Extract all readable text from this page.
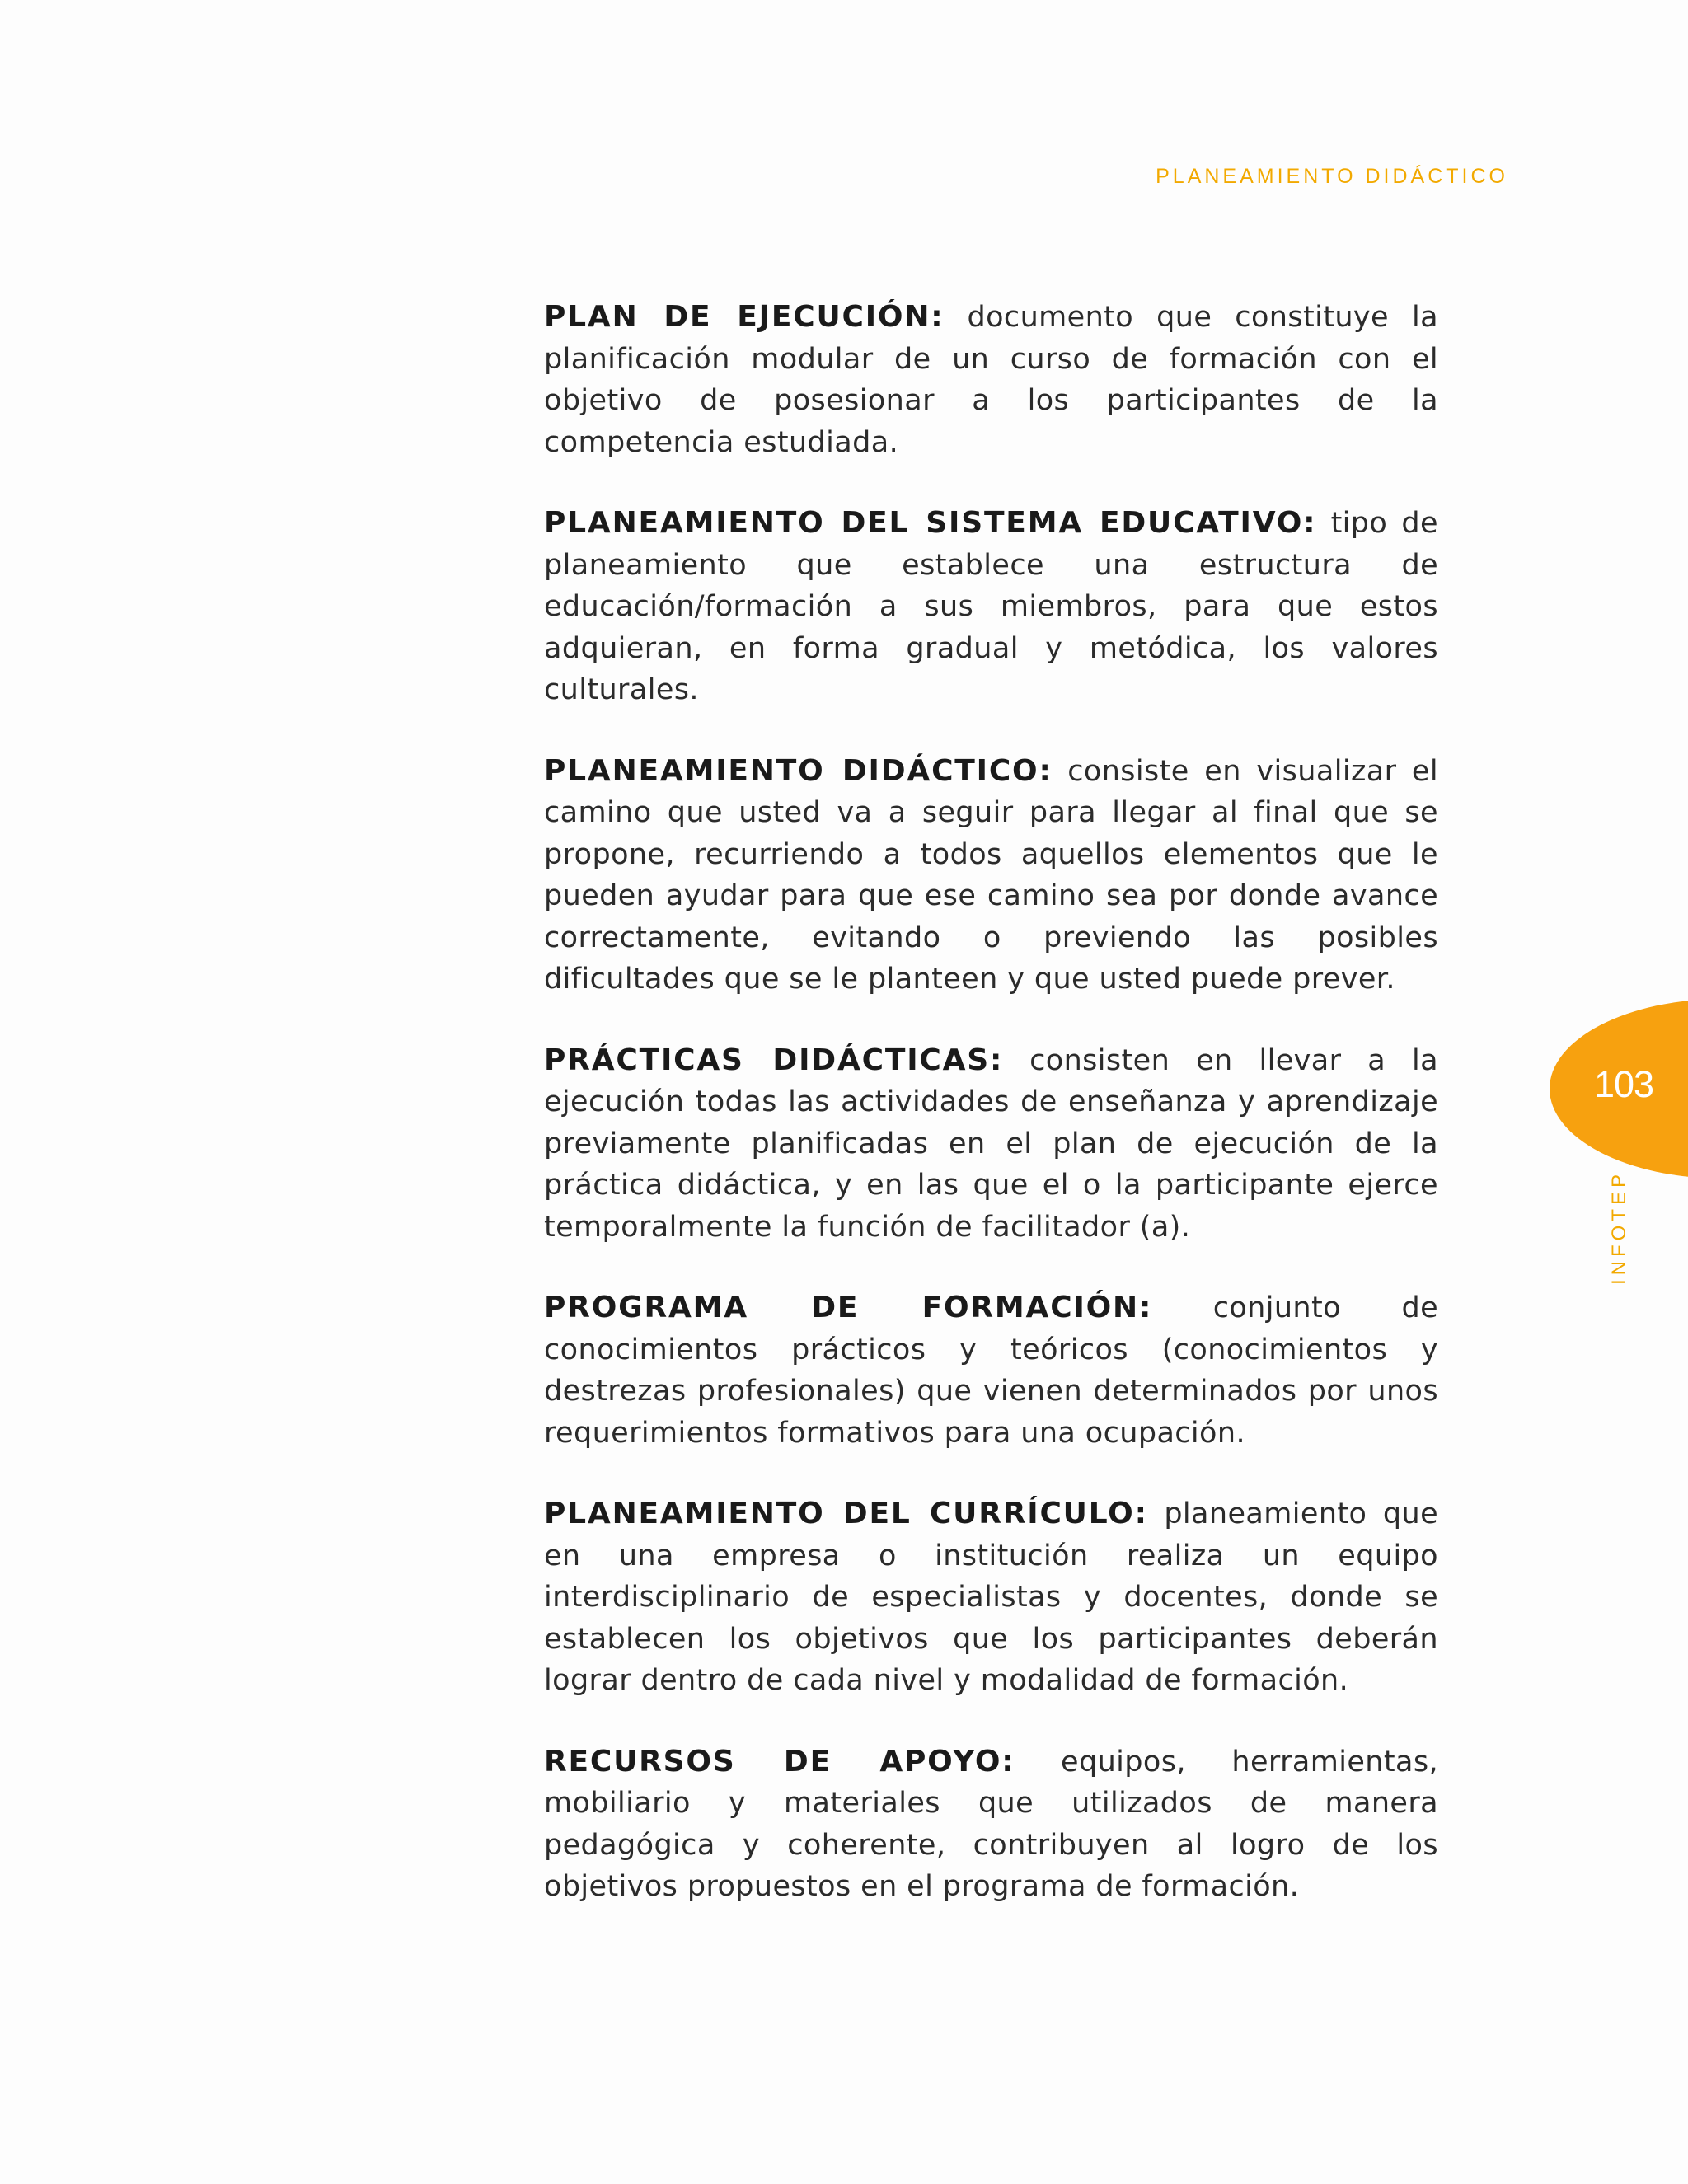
PLANEAMIENTO DIDÁCTICO

PLAN DE EJECUCIÓN: documento que constituye la planificación modular de un curso de formación con el objetivo de posesionar a los participantes de la competencia estudiada.

PLANEAMIENTO DEL SISTEMA EDUCATIVO: tipo de planeamiento que establece una estructura de educación/formación a sus miembros, para que estos adquieran, en forma gradual y metódica, los valores culturales.

PLANEAMIENTO DIDÁCTICO: consiste en visualizar el camino que usted va a seguir para llegar al final que se propone, recurriendo a todos aquellos elementos que le pueden ayudar para que ese camino sea por donde avance correctamente, evitando o previendo las posibles dificultades que se le planteen y que usted puede prever.

PRÁCTICAS DIDÁCTICAS: consisten en llevar a la ejecución todas las actividades de enseñanza y aprendizaje previamente planificadas en el plan de ejecución de la práctica didáctica, y en las que el o la participante ejerce temporalmente la función de facilitador (a).

PROGRAMA DE FORMACIÓN: conjunto de conocimientos prácticos y teóricos (conocimientos y destrezas profesionales) que vienen determinados por unos requerimientos formativos para una ocupación.

PLANEAMIENTO DEL CURRÍCULO: planeamiento que en una empresa o institución realiza un equipo interdisciplinario de especialistas y docentes, donde se establecen los objetivos que los participantes deberán lograr dentro de cada nivel y modalidad de formación.

RECURSOS DE APOYO: equipos, herramientas, mobiliario y materiales que utilizados de manera pedagógica y coherente, contribuyen al logro de los objetivos propuestos en el programa de formación.

103
INFOTEP
